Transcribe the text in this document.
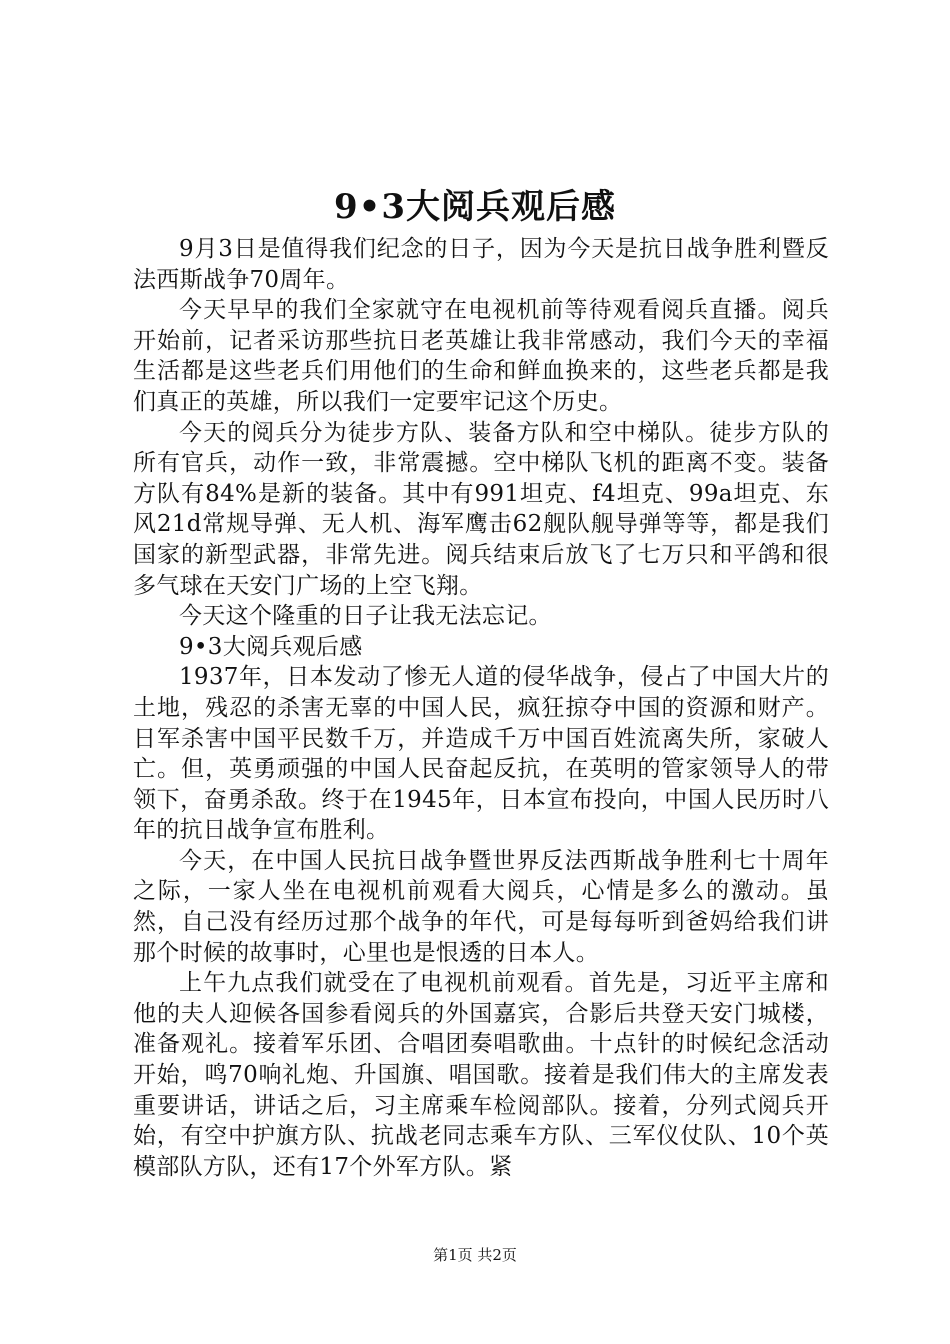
9•3大阅兵观后感

9月3日是值得我们纪念的日子，因为今天是抗日战争胜利暨反法西斯战争70周年。

今天早早的我们全家就守在电视机前等待观看阅兵直播。阅兵开始前，记者采访那些抗日老英雄让我非常感动，我们今天的幸福生活都是这些老兵们用他们的生命和鲜血换来的，这些老兵都是我们真正的英雄，所以我们一定要牢记这个历史。

今天的阅兵分为徒步方队、装备方队和空中梯队。徒步方队的所有官兵，动作一致，非常震撼。空中梯队飞机的距离不变。装备方队有84%是新的装备。其中有991坦克、f4坦克、99a坦克、东风21d常规导弹、无人机、海军鹰击62舰队舰导弹等等，都是我们国家的新型武器，非常先进。阅兵结束后放飞了七万只和平鸽和很多气球在天安门广场的上空飞翔。

今天这个隆重的日子让我无法忘记。

9•3大阅兵观后感

1937年，日本发动了惨无人道的侵华战争，侵占了中国大片的土地，残忍的杀害无辜的中国人民，疯狂掠夺中国的资源和财产。日军杀害中国平民数千万，并造成千万中国百姓流离失所，家破人亡。但，英勇顽强的中国人民奋起反抗，在英明的管家领导人的带领下，奋勇杀敌。终于在1945年，日本宣布投向，中国人民历时八年的抗日战争宣布胜利。

今天，在中国人民抗日战争暨世界反法西斯战争胜利七十周年之际，一家人坐在电视机前观看大阅兵，心情是多么的激动。虽然，自己没有经历过那个战争的年代，可是每每听到爸妈给我们讲那个时候的故事时，心里也是恨透的日本人。

上午九点我们就受在了电视机前观看。首先是，习近平主席和他的夫人迎候各国参看阅兵的外国嘉宾，合影后共登天安门城楼，准备观礼。接着军乐团、合唱团奏唱歌曲。十点针的时候纪念活动开始，鸣70响礼炮、升国旗、唱国歌。接着是我们伟大的主席发表重要讲话，讲话之后，习主席乘车检阅部队。接着，分列式阅兵开始，有空中护旗方队、抗战老同志乘车方队、三军仪仗队、10个英模部队方队，还有17个外军方队。紧

第1页 共2页
